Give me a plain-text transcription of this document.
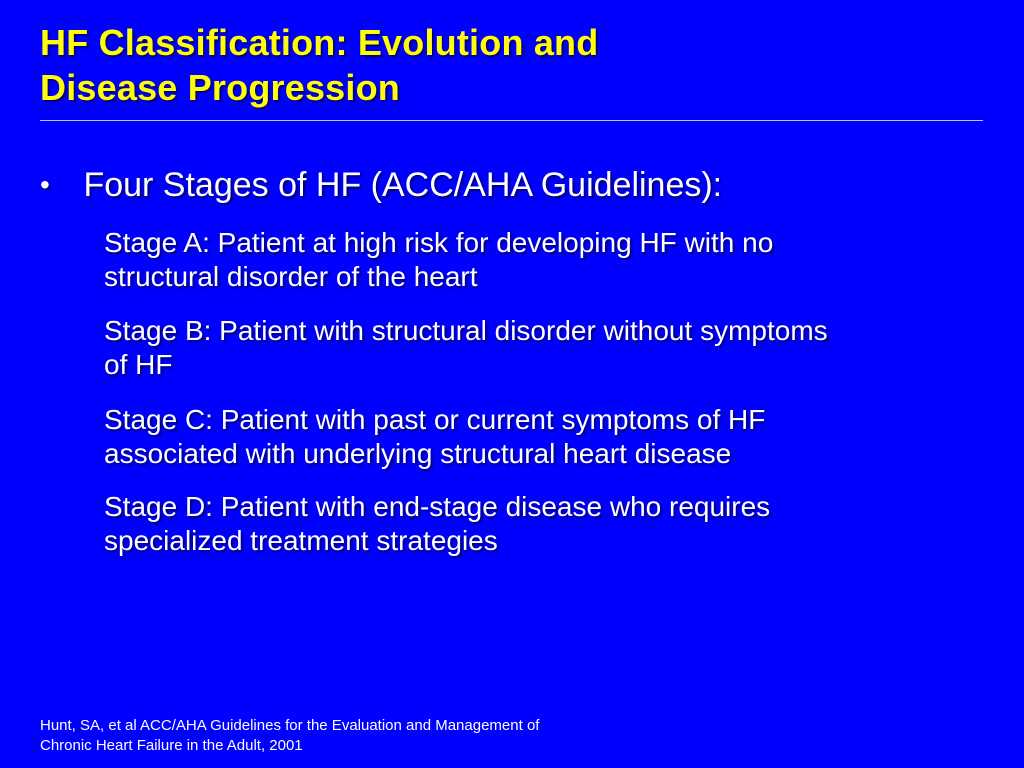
HF Classification: Evolution and
Disease Progression
• Four Stages of HF (ACC/AHA Guidelines):
Stage A: Patient at high risk for developing HF with no
structural disorder of the heart
Stage B: Patient with structural disorder without symptoms
of HF
Stage C: Patient with past or current symptoms of HF
associated with underlying structural heart disease
Stage D: Patient with end-stage disease who requires
specialized treatment strategies
Hunt, SA, et al ACC/AHA Guidelines for the Evaluation and Management of
Chronic Heart Failure in the Adult, 2001
